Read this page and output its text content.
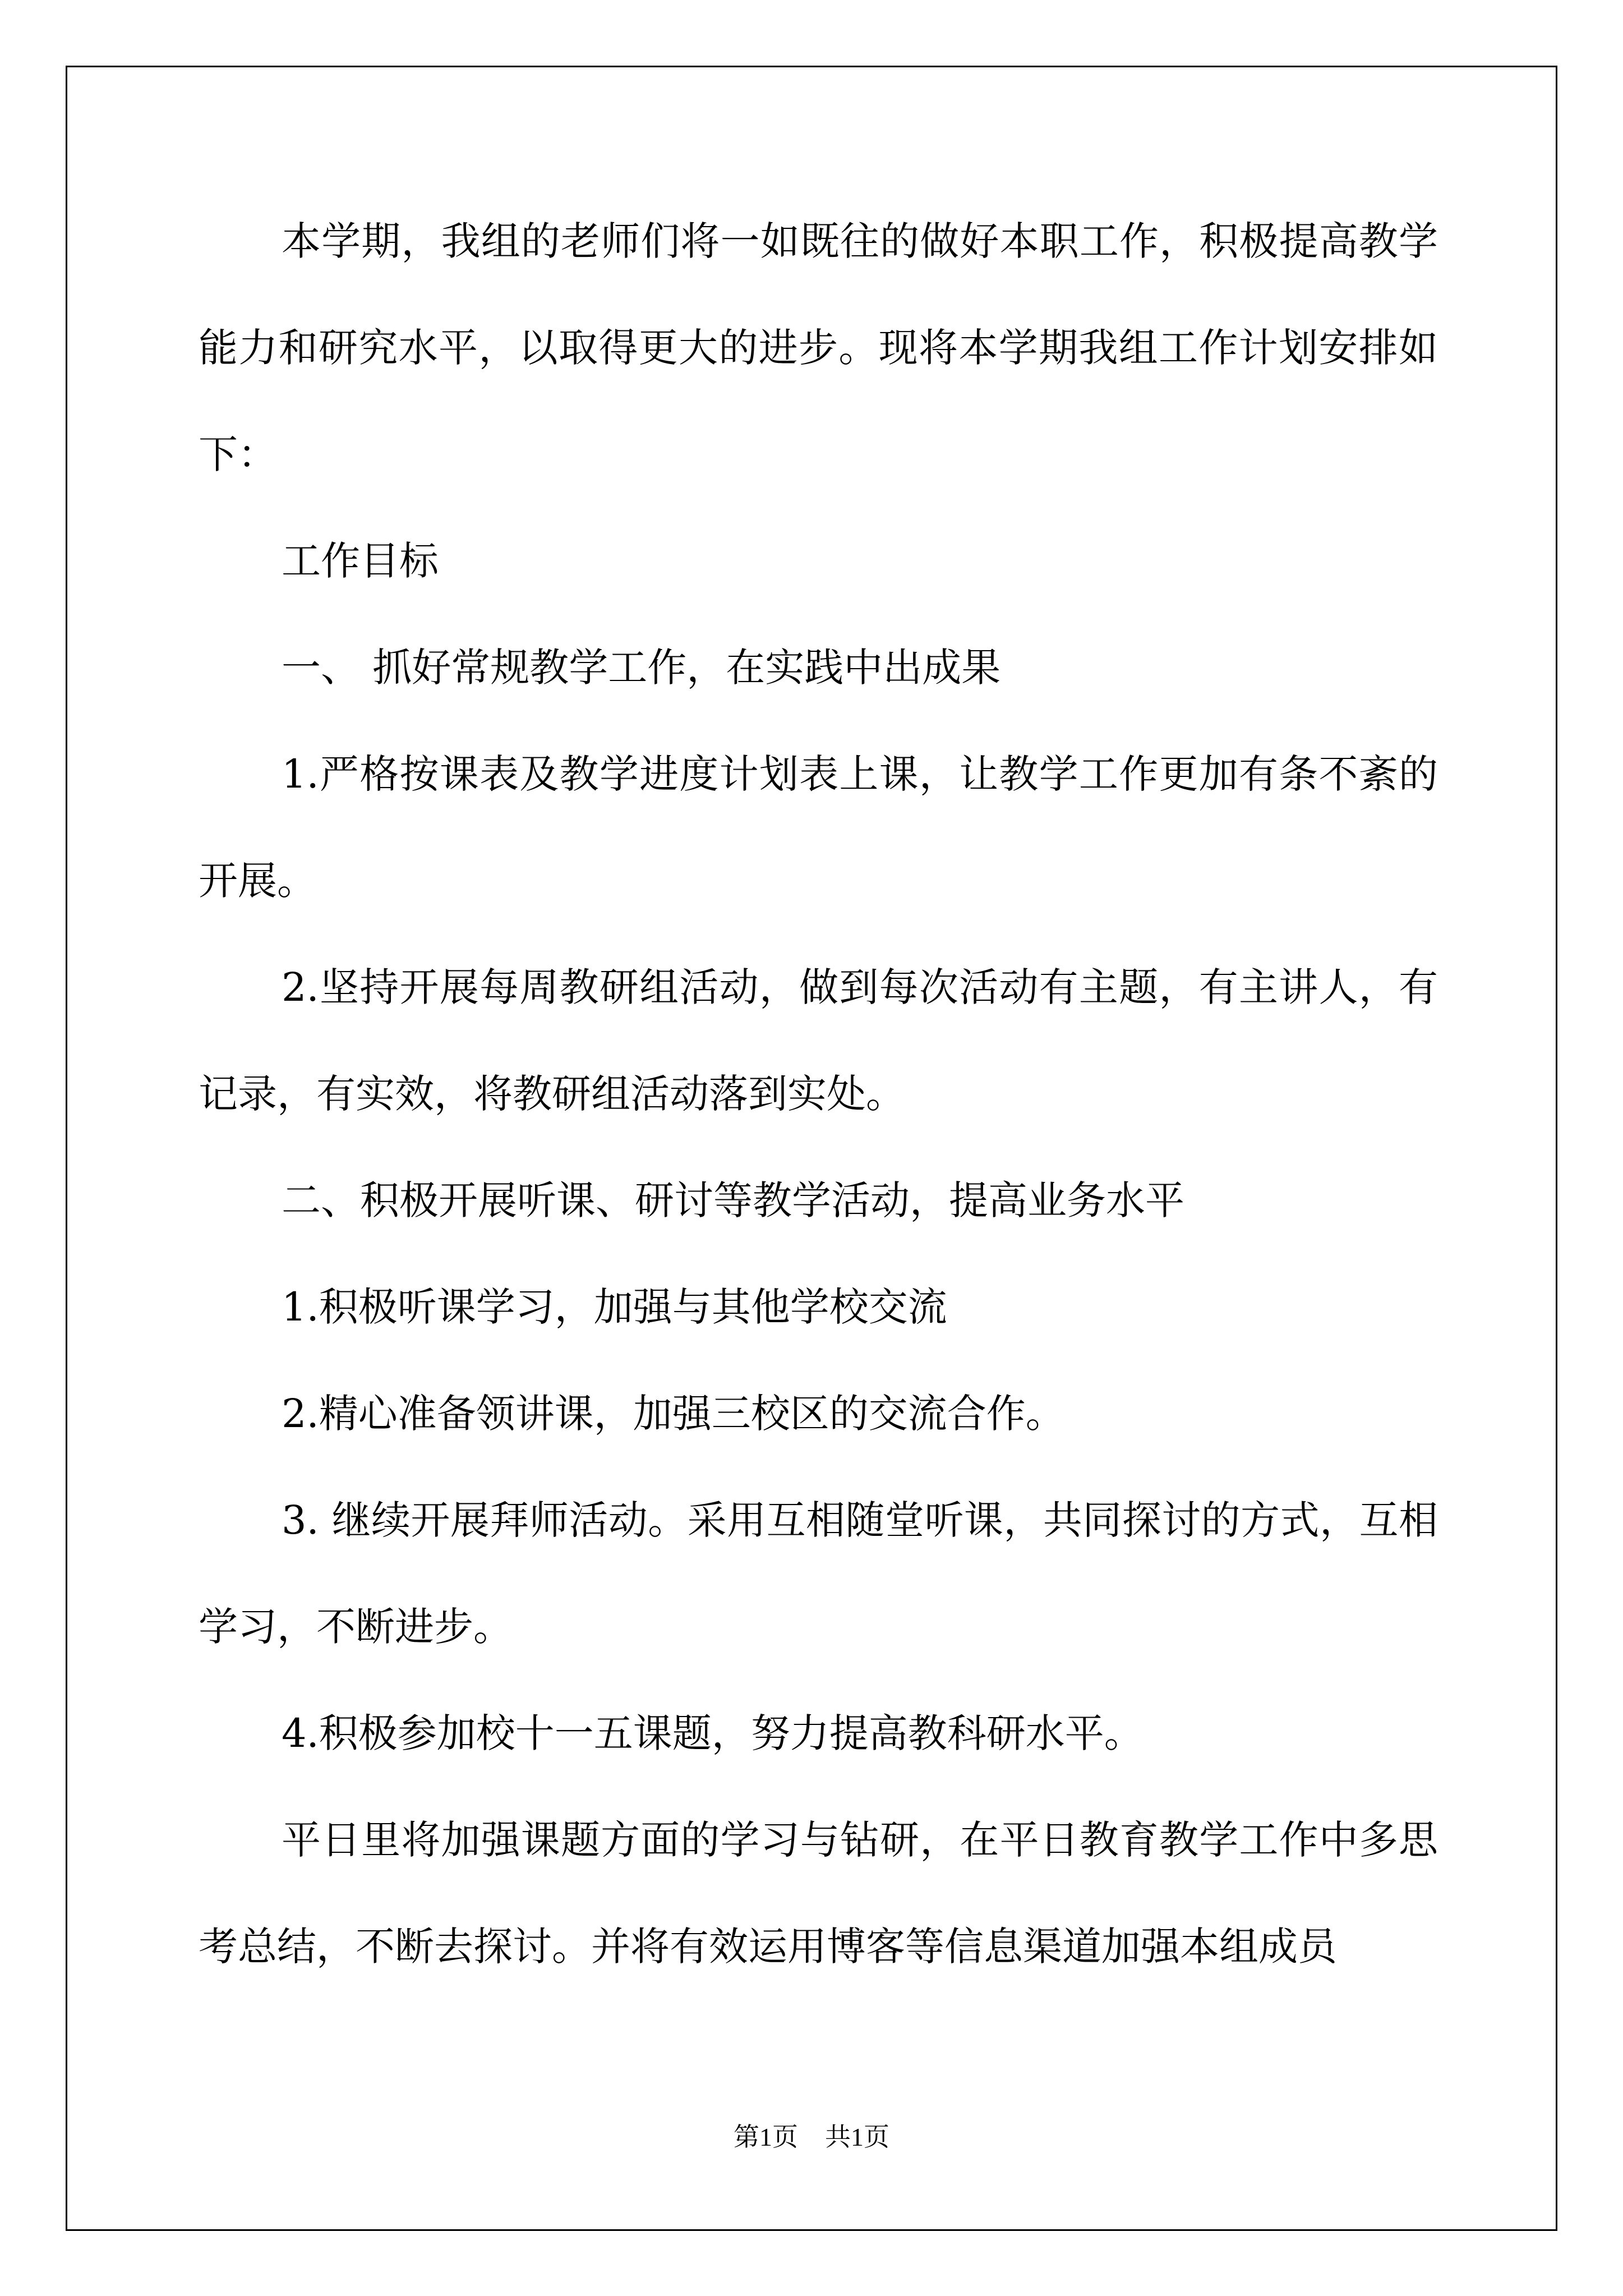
本学期，我组的老师们将一如既往的做好本职工作，积极提高教学能力和研究水平，以取得更大的进步。现将本学期我组工作计划安排如下：

工作目标

一、 抓好常规教学工作，在实践中出成果

1.严格按课表及教学进度计划表上课，让教学工作更加有条不紊的开展。

2.坚持开展每周教研组活动，做到每次活动有主题，有主讲人，有记录，有实效，将教研组活动落到实处。

二、积极开展听课、研讨等教学活动，提高业务水平

1.积极听课学习，加强与其他学校交流

2.精心准备领讲课，加强三校区的交流合作。

3. 继续开展拜师活动。采用互相随堂听课，共同探讨的方式，互相学习，不断进步。

4.积极参加校十一五课题，努力提高教科研水平。

平日里将加强课题方面的学习与钻研，在平日教育教学工作中多思考总结，不断去探讨。并将有效运用博客等信息渠道加强本组成员

第1页 共1页
